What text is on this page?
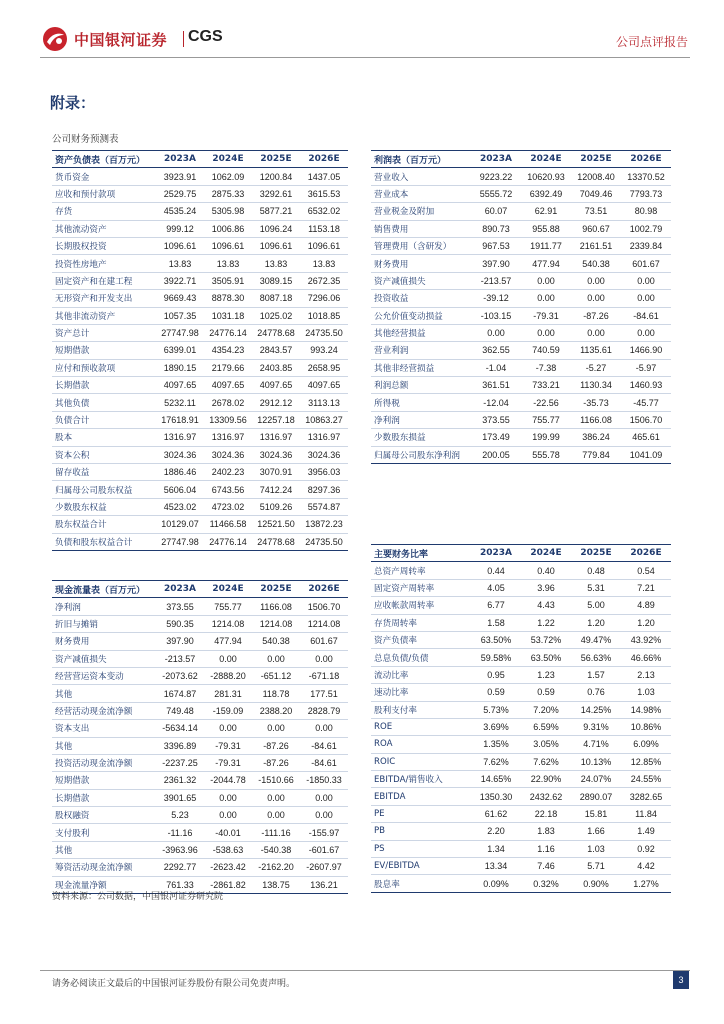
中国银河证券 CGS	公司点评报告
附录：
公司财务预测表
资产负债表（百万元）	2023A	2024E	2025E	2026E
货币资金	3923.91	1062.09	1200.84	1437.05
应收和预付款项	2529.75	2875.33	3292.61	3615.53
存货	4535.24	5305.98	5877.21	6532.02
其他流动资产	999.12	1006.86	1096.24	1153.18
长期股权投资	1096.61	1096.61	1096.61	1096.61
投资性房地产	13.83	13.83	13.83	13.83
固定资产和在建工程	3922.71	3505.91	3089.15	2672.35
无形资产和开发支出	9669.43	8878.30	8087.18	7296.06
其他非流动资产	1057.35	1031.18	1025.02	1018.85
资产总计	27747.98	24776.14	24778.68	24735.50
短期借款	6399.01	4354.23	2843.57	993.24
应付和预收款项	1890.15	2179.66	2403.85	2658.95
长期借款	4097.65	4097.65	4097.65	4097.65
其他负债	5232.11	2678.02	2912.12	3113.13
负债合计	17618.91	13309.56	12257.18	10863.27
股本	1316.97	1316.97	1316.97	1316.97
资本公积	3024.36	3024.36	3024.36	3024.36
留存收益	1886.46	2402.23	3070.91	3956.03
归属母公司股东权益	5606.04	6743.56	7412.24	8297.36
少数股东权益	4523.02	4723.02	5109.26	5574.87
股东权益合计	10129.07	11466.58	12521.50	13872.23
负债和股东权益合计	27747.98	24776.14	24778.68	24735.50
利润表（百万元）	2023A	2024E	2025E	2026E
营业收入	9223.22	10620.93	12008.40	13370.52
营业成本	5555.72	6392.49	7049.46	7793.73
营业税金及附加	60.07	62.91	73.51	80.98
销售费用	890.73	955.88	960.67	1002.79
管理费用（含研发）	967.53	1911.77	2161.51	2339.84
财务费用	397.90	477.94	540.38	601.67
资产减值损失	-213.57	0.00	0.00	0.00
投资收益	-39.12	0.00	0.00	0.00
公允价值变动损益	-103.15	-79.31	-87.26	-84.61
其他经营损益	0.00	0.00	0.00	0.00
营业利润	362.55	740.59	1135.61	1466.90
其他非经营损益	-1.04	-7.38	-5.27	-5.97
利润总额	361.51	733.21	1130.34	1460.93
所得税	-12.04	-22.56	-35.73	-45.77
净利润	373.55	755.77	1166.08	1506.70
少数股东损益	173.49	199.99	386.24	465.61
归属母公司股东净利润	200.05	555.78	779.84	1041.09
现金流量表（百万元）	2023A	2024E	2025E	2026E
净利润	373.55	755.77	1166.08	1506.70
折旧与摊销	590.35	1214.08	1214.08	1214.08
财务费用	397.90	477.94	540.38	601.67
资产减值损失	-213.57	0.00	0.00	0.00
经营营运资本变动	-2073.62	-2888.20	-651.12	-671.18
其他	1674.87	281.31	118.78	177.51
经营活动现金流净额	749.48	-159.09	2388.20	2828.79
资本支出	-5634.14	0.00	0.00	0.00
其他	3396.89	-79.31	-87.26	-84.61
投资活动现金流净额	-2237.25	-79.31	-87.26	-84.61
短期借款	2361.32	-2044.78	-1510.66	-1850.33
长期借款	3901.65	0.00	0.00	0.00
股权融资	5.23	0.00	0.00	0.00
支付股利	-11.16	-40.01	-111.16	-155.97
其他	-3963.96	-538.63	-540.38	-601.67
筹资活动现金流净额	2292.77	-2623.42	-2162.20	-2607.97
现金流量净额	761.33	-2861.82	138.75	136.21
主要财务比率	2023A	2024E	2025E	2026E
总资产周转率	0.44	0.40	0.48	0.54
固定资产周转率	4.05	3.96	5.31	7.21
应收帐款周转率	6.77	4.43	5.00	4.89
存货周转率	1.58	1.22	1.20	1.20
资产负债率	63.50%	53.72%	49.47%	43.92%
总息负债/负债	59.58%	63.50%	56.63%	46.66%
流动比率	0.95	1.23	1.57	2.13
速动比率	0.59	0.59	0.76	1.03
股利支付率	5.73%	7.20%	14.25%	14.98%
ROE	3.69%	6.59%	9.31%	10.86%
ROA	1.35%	3.05%	4.71%	6.09%
ROIC	7.62%	7.62%	10.13%	12.85%
EBITDA/销售收入	14.65%	22.90%	24.07%	24.55%
EBITDA	1350.30	2432.62	2890.07	3282.65
PE	61.62	22.18	15.81	11.84
PB	2.20	1.83	1.66	1.49
PS	1.34	1.16	1.03	0.92
EV/EBITDA	13.34	7.46	5.71	4.42
股息率	0.09%	0.32%	0.90%	1.27%
资料来源：公司数据，中国银河证券研究院
请务必阅读正文最后的中国银河证券股份有限公司免责声明。	3
